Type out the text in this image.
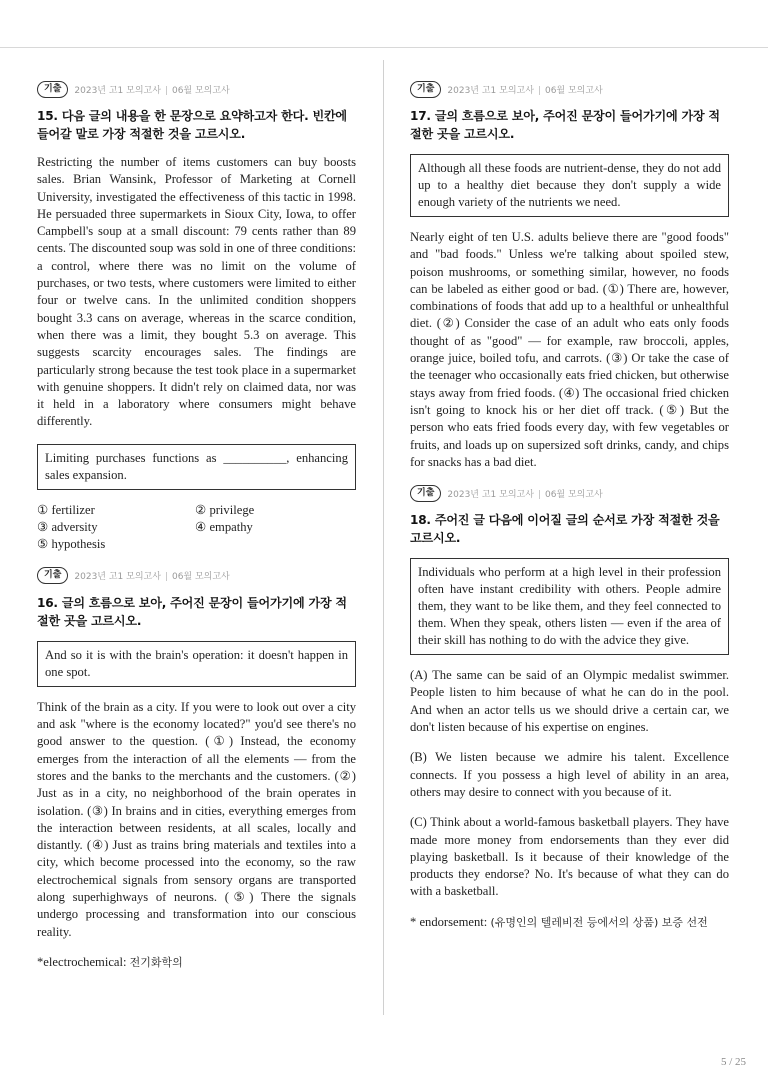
기출	2023년 고1 모의고사 | 06월 모의고사

15. 다음 글의 내용을 한 문장으로 요약하고자 한다. 빈칸에 들어갈 말로 가장 적절한 것을 고르시오.

Restricting the number of items customers can buy boosts sales. Brian Wansink, Professor of Marketing at Cornell University, investigated the effectiveness of this tactic in 1998. He persuaded three supermarkets in Sioux City, Iowa, to offer Campbell's soup at a small discount: 79 cents rather than 89 cents. The discounted soup was sold in one of three conditions: a control, where there was no limit on the volume of purchases, or two tests, where customers were limited to either four or twelve cans. In the unlimited condition shoppers bought 3.3 cans on average, whereas in the scarce condition, when there was a limit, they bought 5.3 on average. This suggests scarcity encourages sales. The findings are particularly strong because the test took place in a supermarket with genuine shoppers. It didn't rely on claimed data, nor was it held in a laboratory where consumers might behave differently.

Limiting purchases functions as __________, enhancing sales expansion.
① fertilizer	② privilege
③ adversity	④ empathy
⑤ hypothesis
기출	2023년 고1 모의고사 | 06월 모의고사

16. 글의 흐름으로 보아, 주어진 문장이 들어가기에 가장 적절한 곳을 고르시오.

And so it is with the brain's operation: it doesn't happen in one spot.

Think of the brain as a city. If you were to look out over a city and ask "where is the economy located?" you'd see there's no good answer to the question. (①) Instead, the economy emerges from the interaction of all the elements — from the stores and the banks to the merchants and the customers. (②) Just as in a city, no neighborhood of the brain operates in isolation. (③) In brains and in cities, everything emerges from the interaction between residents, at all scales, locally and distantly. (④) Just as trains bring materials and textiles into a city, which become processed into the economy, so the raw electrochemical signals from sensory organs are transported along superhighways of neurons. (⑤) There the signals undergo processing and transformation into our conscious reality.

*electrochemical: 전기화학의
기출	2023년 고1 모의고사 | 06월 모의고사

17. 글의 흐름으로 보아, 주어진 문장이 들어가기에 가장 적절한 곳을 고르시오.

Although all these foods are nutrient-dense, they do not add up to a healthy diet because they don't supply a wide enough variety of the nutrients we need.

Nearly eight of ten U.S. adults believe there are "good foods" and "bad foods." Unless we're talking about spoiled stew, poison mushrooms, or something similar, however, no foods can be labeled as either good or bad. (①) There are, however, combinations of foods that add up to a healthful or unhealthful diet. (②) Consider the case of an adult who eats only foods thought of as "good" — for example, raw broccoli, apples, orange juice, boiled tofu, and carrots. (③) Or take the case of the teenager who occasionally eats fried chicken, but otherwise stays away from fried foods. (④) The occasional fried chicken isn't going to knock his or her diet off track. (⑤) But the person who eats fried foods every day, with few vegetables or fruits, and loads up on supersized soft drinks, candy, and chips for snacks has a bad diet.

기출	2023년 고1 모의고사 | 06월 모의고사

18. 주어진 글 다음에 이어질 글의 순서로 가장 적절한 것을 고르시오.

Individuals who perform at a high level in their profession often have instant credibility with others. People admire them, they want to be like them, and they feel connected to them. When they speak, others listen — even if the area of their skill has nothing to do with the advice they give.

(A) The same can be said of an Olympic medalist swimmer. People listen to him because of what he can do in the pool. And when an actor tells us we should drive a certain car, we don't listen because of his expertise on engines.

(B) We listen because we admire his talent. Excellence connects. If you possess a high level of ability in an area, others may desire to connect with you because of it.

(C) Think about a world-famous basketball players. They have made more money from endorsements than they ever did playing basketball. Is it because of their knowledge of the products they endorse? No. It's because of what they can do with a basketball.

* endorsement: (유명인의 텔레비전 등에서의 상품) 보증 선전
5 / 25
